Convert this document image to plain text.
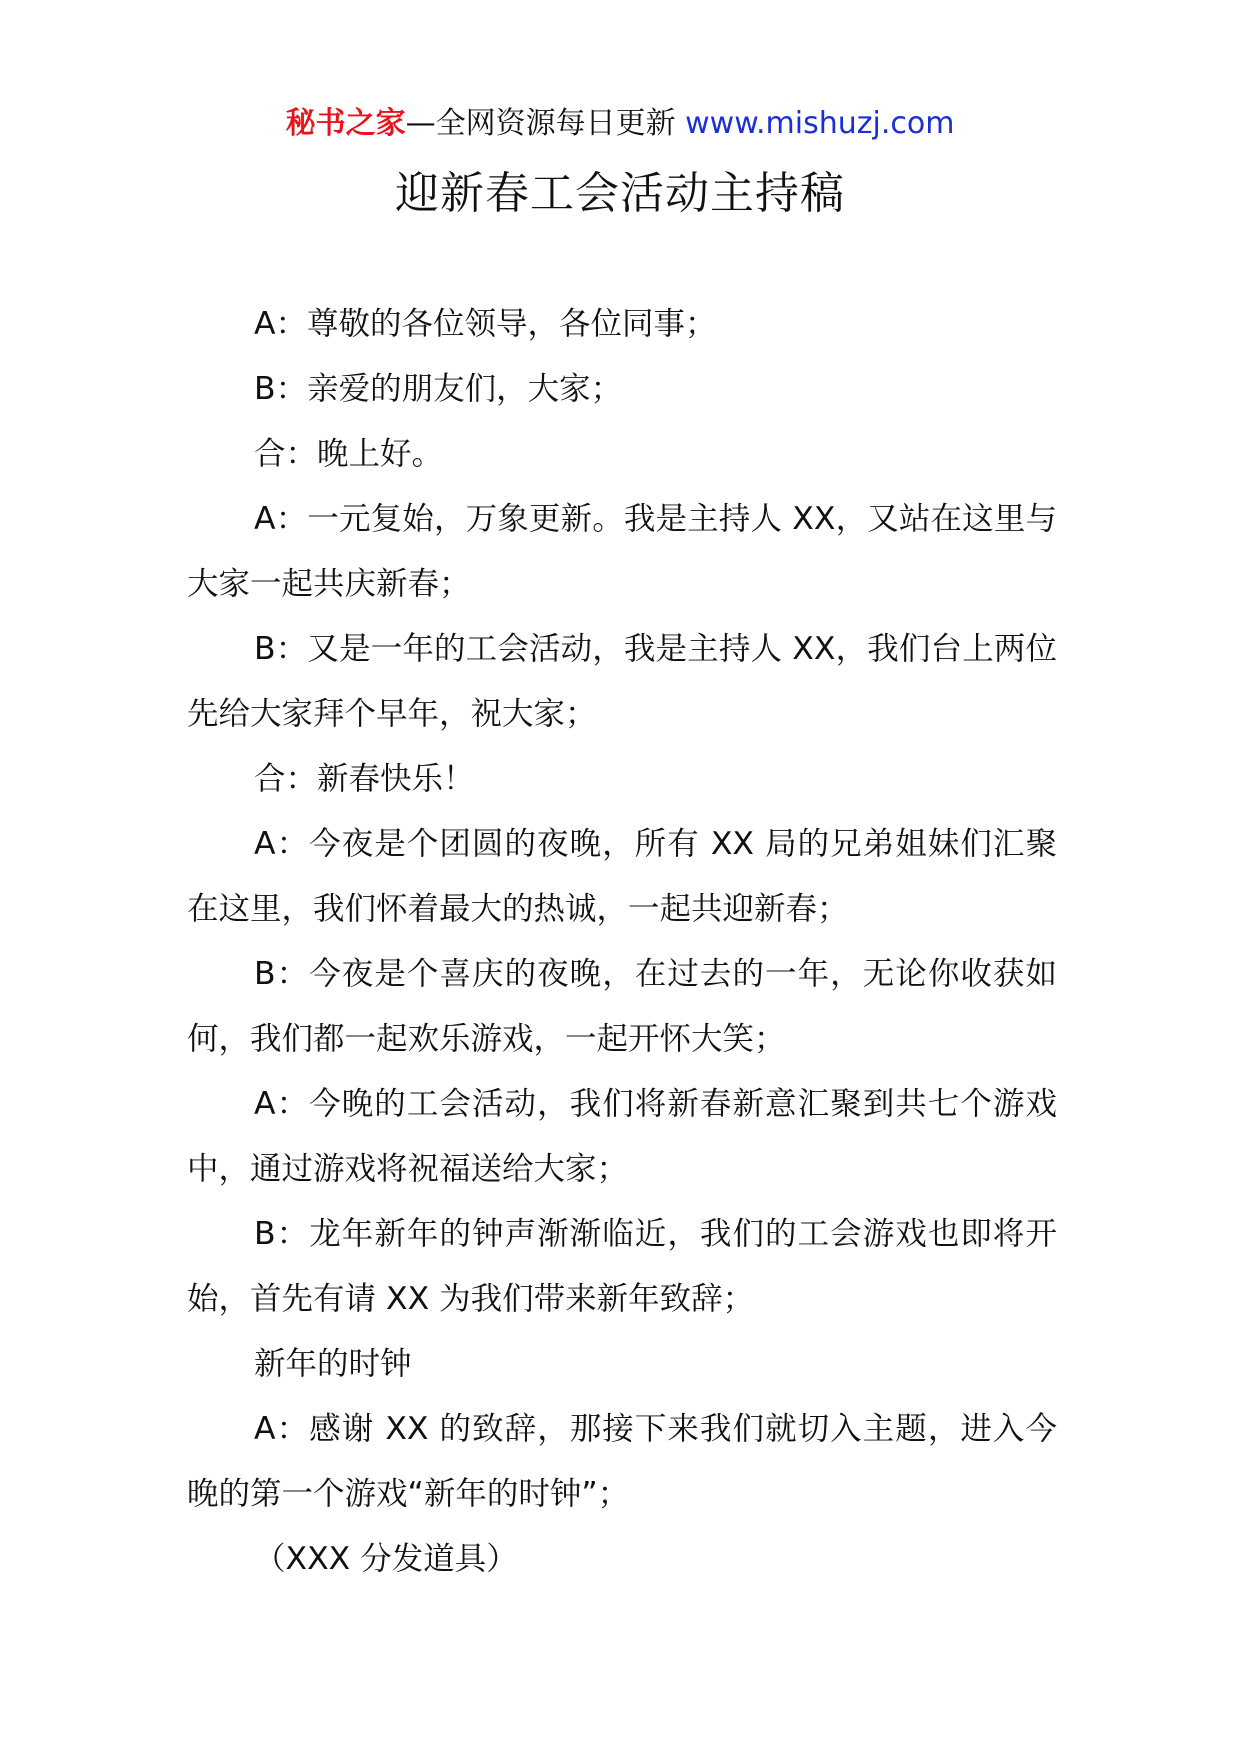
秘书之家—全网资源每日更新 www.mishuzj.com
迎新春工会活动主持稿

A：尊敬的各位领导，各位同事；

B：亲爱的朋友们，大家；

合：晚上好。

A：一元复始，万象更新。我是主持人 XX，又站在这里与大家一起共庆新春；

B：又是一年的工会活动，我是主持人 XX，我们台上两位先给大家拜个早年，祝大家；

合：新春快乐！

A：今夜是个团圆的夜晚，所有 XX 局的兄弟姐妹们汇聚在这里，我们怀着最大的热诚，一起共迎新春；

B：今夜是个喜庆的夜晚，在过去的一年，无论你收获如何，我们都一起欢乐游戏，一起开怀大笑；

A：今晚的工会活动，我们将新春新意汇聚到共七个游戏中，通过游戏将祝福送给大家；

B：龙年新年的钟声渐渐临近，我们的工会游戏也即将开始，首先有请 XX 为我们带来新年致辞；

新年的时钟

A：感谢 XX 的致辞，那接下来我们就切入主题，进入今晚的第一个游戏“新年的时钟”；

（XXX 分发道具）
